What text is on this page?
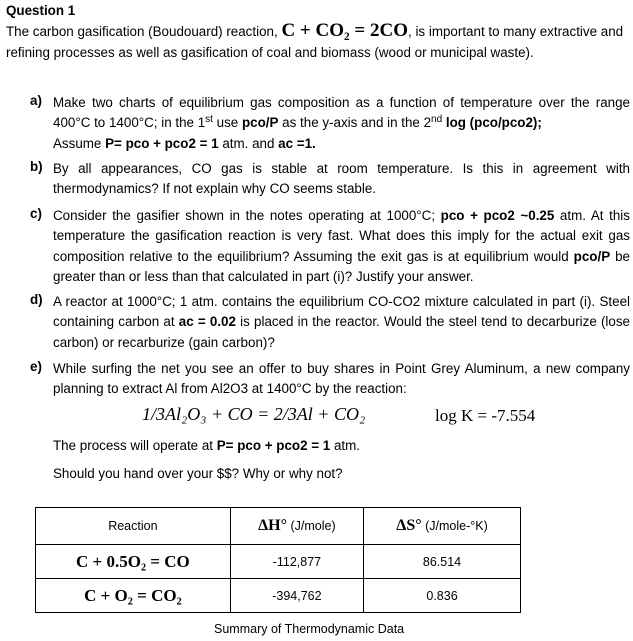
Question 1
The carbon gasification (Boudouard) reaction, C + CO₂ = 2CO, is important to many extractive and refining processes as well as gasification of coal and biomass (wood or municipal waste).
a) Make two charts of equilibrium gas composition as a function of temperature over the range 400°C to 1400°C; in the 1st use pco/P as the y-axis and in the 2nd log (pco/pco2);
Assume P= pco + pco2 = 1 atm. and ac =1.
b) By all appearances, CO gas is stable at room temperature. Is this in agreement with thermodynamics? If not explain why CO seems stable.
c) Consider the gasifier shown in the notes operating at 1000°C; pco + pco2 ~0.25 atm. At this temperature the gasification reaction is very fast. What does this imply for the actual exit gas composition relative to the equilibrium? Assuming the exit gas is at equilibrium would pco/P be greater than or less than that calculated in part (i)? Justify your answer.
d) A reactor at 1000°C; 1 atm. contains the equilibrium CO-CO2 mixture calculated in part (i). Steel containing carbon at ac = 0.02 is placed in the reactor. Would the steel tend to decarburize (lose carbon) or recarburize (gain carbon)?
e) While surfing the net you see an offer to buy shares in Point Grey Aluminum, a new company planning to extract Al from Al2O3 at 1400°C by the reaction:
1/3Al₂O₃ + CO = 2/3Al + CO₂	log K = -7.554
The process will operate at P= pco + pco2 = 1 atm.
Should you hand over your $$? Why or why not?
Reaction	ΔH° (J/mole)	ΔS° (J/mole-°K)
C + 0.5O₂ = CO	-112,877	86.514
C + O₂ = CO₂	-394,762	0.836
Summary of Thermodynamic Data
